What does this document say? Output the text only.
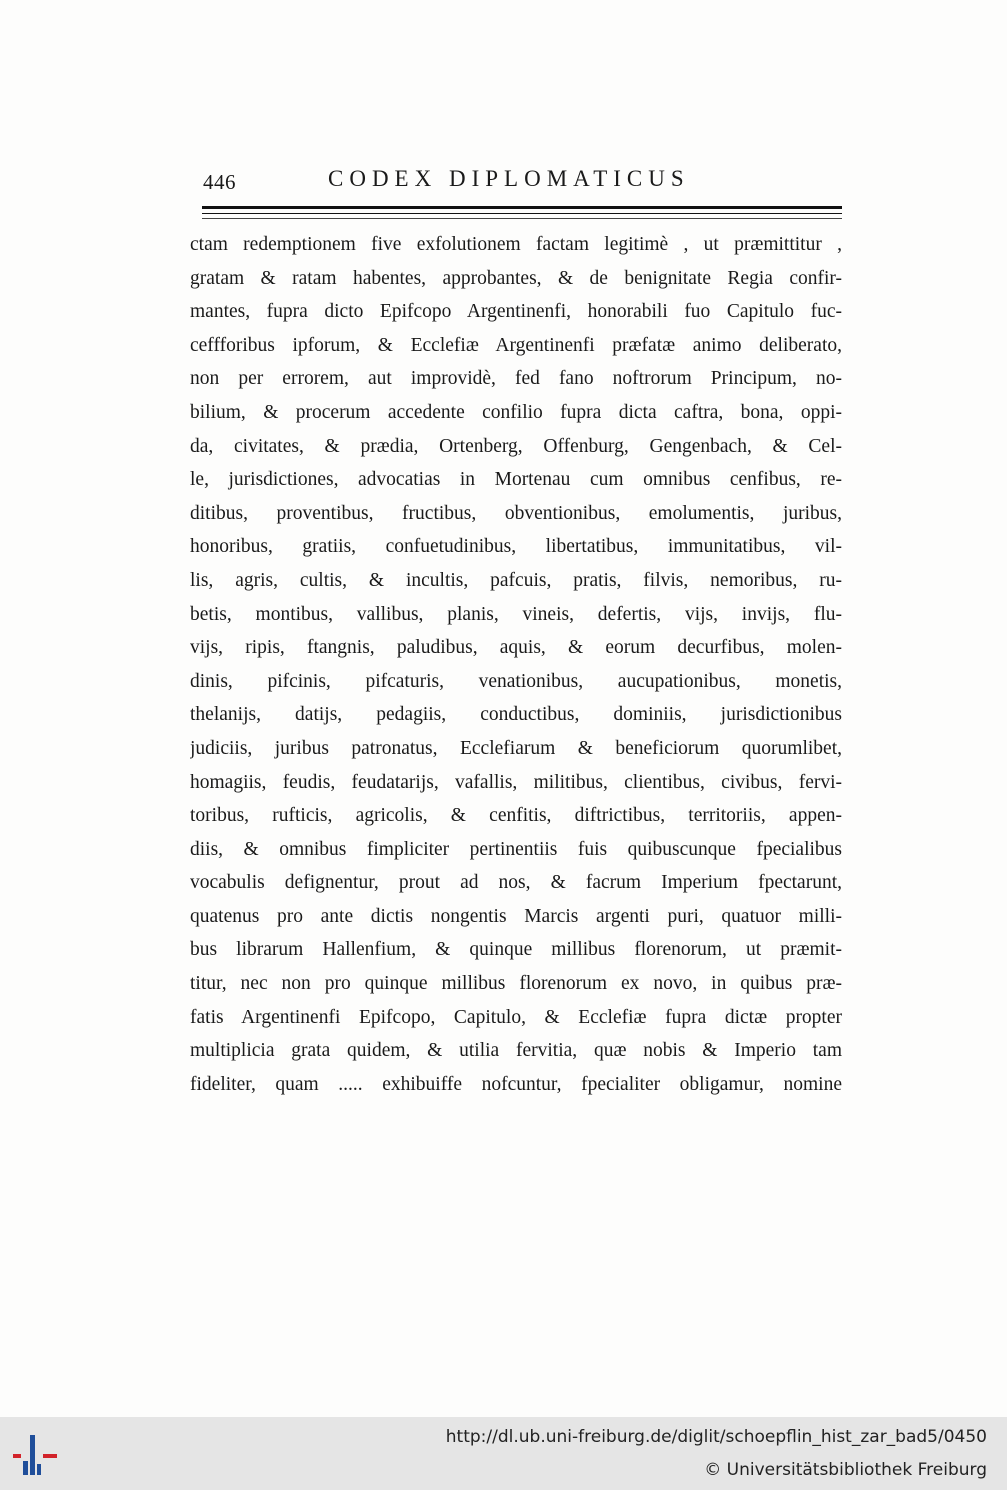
446	CODEX DIPLOMATICUS
ctam redemptionem five exfolutionem factam legitimè , ut præmittitur ,
gratam & ratam habentes, approbantes, & de benignitate Regia confir-
mantes, fupra dicto Epifcopo Argentinenfi, honorabili fuo Capitulo fuc-
ceffforibus ipforum, & Ecclefiæ Argentinenfi præfatæ animo deliberato,
non per errorem, aut improvidè, fed fano noftrorum Principum, no-
bilium, & procerum accedente confilio fupra dicta caftra, bona, oppi-
da, civitates, & prædia, Ortenberg, Offenburg, Gengenbach, & Cel-
le, jurisdictiones, advocatias in Mortenau cum omnibus cenfibus, re-
ditibus, proventibus, fructibus, obventionibus, emolumentis, juribus,
honoribus, gratiis, confuetudinibus, libertatibus, immunitatibus, vil-
lis, agris, cultis, & incultis, pafcuis, pratis, filvis, nemoribus, ru-
betis, montibus, vallibus, planis, vineis, defertis, vijs, invijs, flu-
vijs, ripis, ftangnis, paludibus, aquis, & eorum decurfibus, molen-
dinis, pifcinis, pifcaturis, venationibus, aucupationibus, monetis,
thelanijs, datijs, pedagiis, conductibus, dominiis, jurisdictionibus
judiciis, juribus patronatus, Ecclefiarum & beneficiorum quorumlibet,
homagiis, feudis, feudatarijs, vafallis, militibus, clientibus, civibus, fervi-
toribus, rufticis, agricolis, & cenfitis, diftrictibus, territoriis, appen-
diis, & omnibus fimpliciter pertinentiis fuis quibuscunque fpecialibus
vocabulis defignentur, prout ad nos, & facrum Imperium fpectarunt,
quatenus pro ante dictis nongentis Marcis argenti puri, quatuor milli-
bus librarum Hallenfium, & quinque millibus florenorum, ut præmit-
titur, nec non pro quinque millibus florenorum ex novo, in quibus præ-
fatis Argentinenfi Epifcopo, Capitulo, & Ecclefiæ fupra dictæ propter
multiplicia grata quidem, & utilia fervitia, quæ nobis & Imperio tam
fideliter, quam ..... exhibuiffe nofcuntur, fpecialiter obligamur, nomine
http://dl.ub.uni-freiburg.de/diglit/schoepflin_hist_zar_bad5/0450
© Universitätsbibliothek Freiburg
